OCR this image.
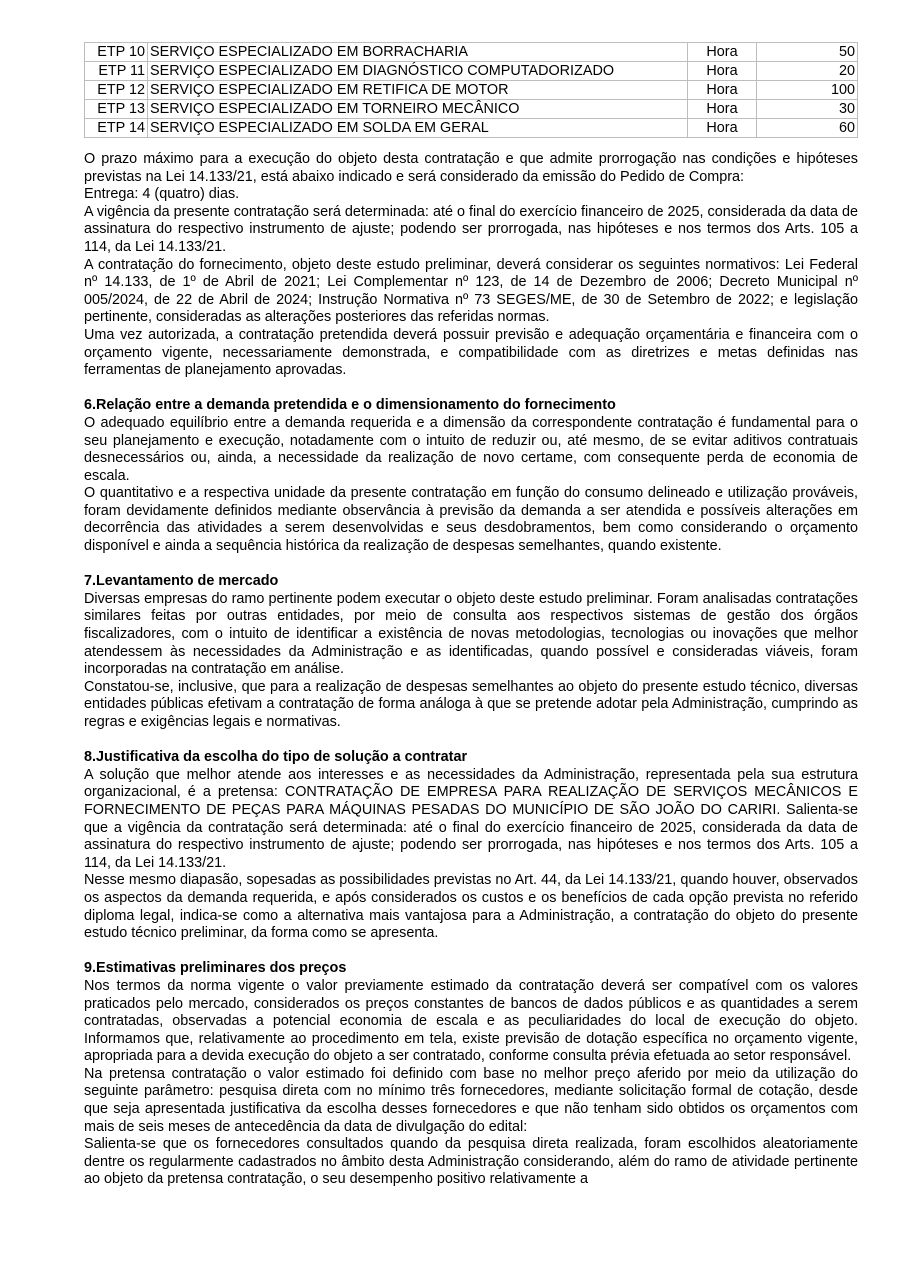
ETP 10	SERVIÇO ESPECIALIZADO EM BORRACHARIA	Hora	50
ETP 11	SERVIÇO ESPECIALIZADO EM DIAGNÓSTICO COMPUTADORIZADO	Hora	20
ETP 12	SERVIÇO ESPECIALIZADO EM RETIFICA DE MOTOR	Hora	100
ETP 13	SERVIÇO ESPECIALIZADO EM TORNEIRO MECÂNICO	Hora	30
ETP 14	SERVIÇO ESPECIALIZADO EM SOLDA EM GERAL	Hora	60

O prazo máximo para a execução do objeto desta contratação e que admite prorrogação nas condições e hipóteses previstas na Lei 14.133/21, está abaixo indicado e será considerado da emissão do Pedido de Compra:

Entrega: 4 (quatro) dias.

A vigência da presente contratação será determinada: até o final do exercício financeiro de 2025, considerada da data de assinatura do respectivo instrumento de ajuste; podendo ser prorrogada, nas hipóteses e nos termos dos Arts. 105 a 114, da Lei 14.133/21.

A contratação do fornecimento, objeto deste estudo preliminar, deverá considerar os seguintes normativos: Lei Federal nº 14.133, de 1º de Abril de 2021; Lei Complementar nº 123, de 14 de Dezembro de 2006; Decreto Municipal nº 005/2024, de 22 de Abril de 2024; Instrução Normativa nº 73 SEGES/ME, de 30 de Setembro de 2022; e legislação pertinente, consideradas as alterações posteriores das referidas normas.

Uma vez autorizada, a contratação pretendida deverá possuir previsão e adequação orçamentária e financeira com o orçamento vigente, necessariamente demonstrada, e compatibilidade com as diretrizes e metas definidas nas ferramentas de planejamento aprovadas.

6.Relação entre a demanda pretendida e o dimensionamento do fornecimento

O adequado equilíbrio entre a demanda requerida e a dimensão da correspondente contratação é fundamental para o seu planejamento e execução, notadamente com o intuito de reduzir ou, até mesmo, de se evitar aditivos contratuais desnecessários ou, ainda, a necessidade da realização de novo certame, com consequente perda de economia de escala.

O quantitativo e a respectiva unidade da presente contratação em função do consumo delineado e utilização prováveis, foram devidamente definidos mediante observância à previsão da demanda a ser atendida e possíveis alterações em decorrência das atividades a serem desenvolvidas e seus desdobramentos, bem como considerando o orçamento disponível e ainda a sequência histórica da realização de despesas semelhantes, quando existente.

7.Levantamento de mercado

Diversas empresas do ramo pertinente podem executar o objeto deste estudo preliminar. Foram analisadas contratações similares feitas por outras entidades, por meio de consulta aos respectivos sistemas de gestão dos órgãos fiscalizadores, com o intuito de identificar a existência de novas metodologias, tecnologias ou inovações que melhor atendessem às necessidades da Administração e as identificadas, quando possível e consideradas viáveis, foram incorporadas na contratação em análise.

Constatou-se, inclusive, que para a realização de despesas semelhantes ao objeto do presente estudo técnico, diversas entidades públicas efetivam a contratação de forma análoga à que se pretende adotar pela Administração, cumprindo as regras e exigências legais e normativas.

8.Justificativa da escolha do tipo de solução a contratar

A solução que melhor atende aos interesses e as necessidades da Administração, representada pela sua estrutura organizacional, é a pretensa: CONTRATAÇÃO DE EMPRESA PARA REALIZAÇÃO DE SERVIÇOS MECÂNICOS E FORNECIMENTO DE PEÇAS PARA MÁQUINAS PESADAS DO MUNICÍPIO DE SÃO JOÃO DO CARIRI. Salienta-se que a vigência da contratação será determinada: até o final do exercício financeiro de 2025, considerada da data de assinatura do respectivo instrumento de ajuste; podendo ser prorrogada, nas hipóteses e nos termos dos Arts. 105 a 114, da Lei 14.133/21.

Nesse mesmo diapasão, sopesadas as possibilidades previstas no Art. 44, da Lei 14.133/21, quando houver, observados os aspectos da demanda requerida, e após considerados os custos e os benefícios de cada opção prevista no referido diploma legal, indica-se como a alternativa mais vantajosa para a Administração, a contratação do objeto do presente estudo técnico preliminar, da forma como se apresenta.

9.Estimativas preliminares dos preços

Nos termos da norma vigente o valor previamente estimado da contratação deverá ser compatível com os valores praticados pelo mercado, considerados os preços constantes de bancos de dados públicos e as quantidades a serem contratadas, observadas a potencial economia de escala e as peculiaridades do local de execução do objeto. Informamos que, relativamente ao procedimento em tela, existe previsão de dotação específica no orçamento vigente, apropriada para a devida execução do objeto a ser contratado, conforme consulta prévia efetuada ao setor responsável.

Na pretensa contratação o valor estimado foi definido com base no melhor preço aferido por meio da utilização do seguinte parâmetro: pesquisa direta com no mínimo três fornecedores, mediante solicitação formal de cotação, desde que seja apresentada justificativa da escolha desses fornecedores e que não tenham sido obtidos os orçamentos com mais de seis meses de antecedência da data de divulgação do edital:

Salienta-se que os fornecedores consultados quando da pesquisa direta realizada, foram escolhidos aleatoriamente dentre os regularmente cadastrados no âmbito desta Administração considerando, além do ramo de atividade pertinente ao objeto da pretensa contratação, o seu desempenho positivo relativamente a
